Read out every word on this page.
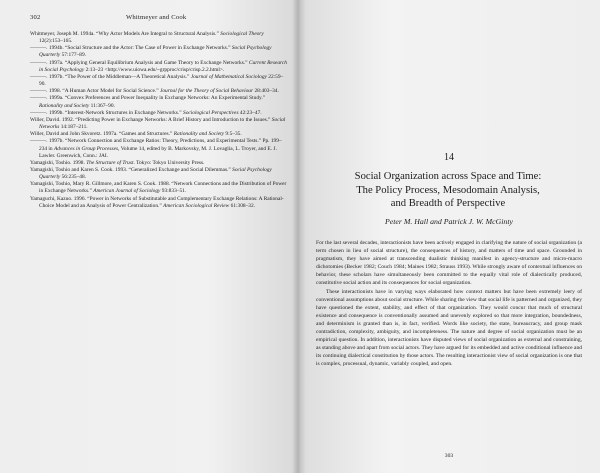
302	Whitmeyer and Cook

Whitmeyer, Joseph M. 1994a. “Why Actor Models Are Integral to Structural Analysis.” Sociological Theory 12(2):153–165.

———. 1994b. “Social Structure and the Actor: The Case of Power in Exchange Networks.” Social Psychology Quarterly 57:177–89.

———. 1997a. “Applying General Equilibrium Analysis and Game Theory to Exchange Networks.” Current Research in Social Psychology 2:13–23 <http://www.uiowa.edu/~grpproc/crisp/crisp.2.2.html>.

———. 1997b. “The Power of the Middleman—A Theoretical Analysis.” Journal of Mathematical Sociology 22:59–90.

———. 1998. “A Human Actor Model for Social Science.” Journal for the Theory of Social Behaviour 28:403–34.

———. 1999a. “Convex Preferences and Power Inequality in Exchange Networks: An Experimental Study.” Rationality and Society 11:367–90.

———. 1999b. “Interest-Network Structures in Exchange Networks.” Sociological Perspectives 42:23–47.

Willer, David. 1992. “Predicting Power in Exchange Networks: A Brief History and Introduction to the Issues.” Social Networks 14:187–211.

Willer, David and John Skvoretz. 1997a. “Games and Structures.” Rationality and Society 9:5–35.

———. 1997b. “Network Connection and Exchange Ratios: Theory, Predictions, and Experimental Tests.” Pp. 199–234 in Advances in Group Processes, Volume 14, edited by B. Markovsky, M. J. Lovaglia, L. Troyer, and E. J. Lawler. Greenwich, Conn.: JAI.

Yamagishi, Toshio. 1998. The Structure of Trust. Tokyo: Tokyo University Press.

Yamagishi, Toshio and Karen S. Cook. 1993. “Generalized Exchange and Social Dilemmas.” Social Psychology Quarterly 56:235–48.

Yamagishi, Toshio, Mary R. Gillmore, and Karen S. Cook. 1988. “Network Connections and the Distribution of Power in Exchange Networks.” American Journal of Sociology 93:833–51.

Yamaguchi, Kazuo. 1996. “Power in Networks of Substitutable and Complementary Exchange Relations: A Rational-Choice Model and an Analysis of Power Centralization.” American Sociological Review 61:308–32.

14
Social Organization across Space and Time:
The Policy Process, Mesodomain Analysis,
and Breadth of Perspective
Peter M. Hall and Patrick J. W. McGinty

For the last several decades, interactionists have been actively engaged in clarifying the nature of social organization (a term chosen in lieu of social structure), the consequences of history, and matters of time and space. Grounded in pragmatism, they have aimed at transcending dualistic thinking manifest in agency-structure and micro-macro dichotomies (Becker 1982; Couch 1984; Maines 1982; Strauss 1993). While strongly aware of contextual influences on behavior, these scholars have simultaneously been committed to the equally vital role of dialectically produced, constitutive social action and its consequences for social organization.

These interactionists have in varying ways elaborated how context matters but have been extremely leery of conventional assumptions about social structure. While sharing the view that social life is patterned and organized, they have questioned the extent, stability, and effect of that organization. They would concur that much of structural existence and consequence is conventionally assumed and unevenly explored so that more integration, boundedness, and determinism is granted than is, in fact, verified. Words like society, the state, bureaucracy, and group mask contradiction, complexity, ambiguity, and incompleteness. The nature and degree of social organization must be an empirical question. In addition, interactionists have disputed views of social organization as external and constraining, as standing above and apart from social actors. They have argued for its embedded and active conditional influence and its continuing dialectical constitution by those actors. The resulting interactionist view of social organization is one that is complex, processual, dynamic, variably coupled, and open.

303
